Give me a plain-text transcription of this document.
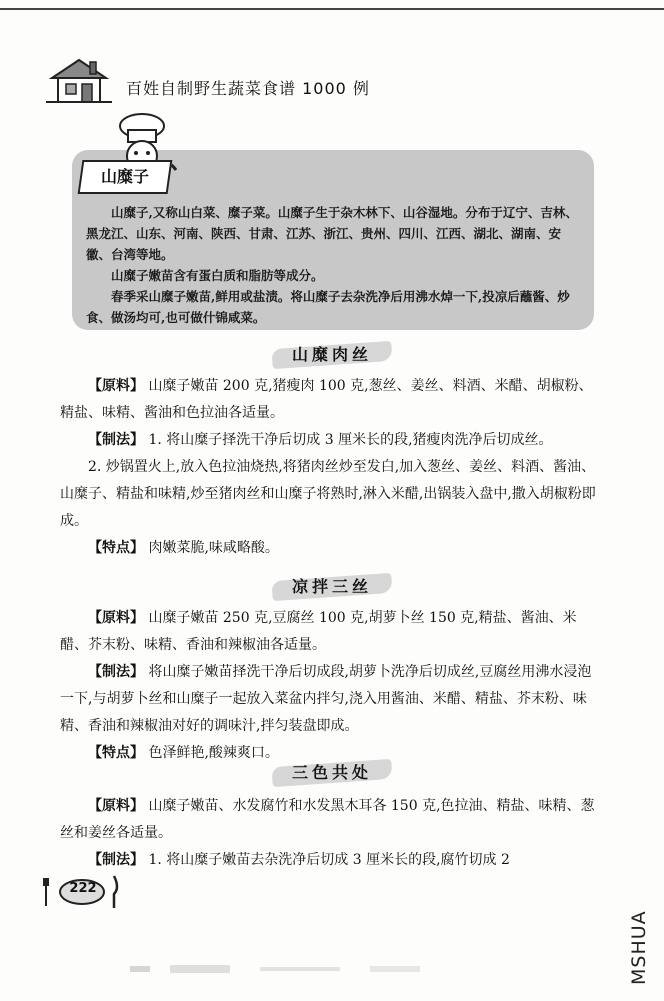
百姓自制野生蔬菜食谱 1000 例
山糜子

山糜子,又称山白菜、糜子菜。山糜子生于杂木林下、山谷湿地。分布于辽宁、吉林、黑龙江、山东、河南、陕西、甘肃、江苏、浙江、贵州、四川、江西、湖北、湖南、安徽、台湾等地。

山糜子嫩苗含有蛋白质和脂肪等成分。

春季采山糜子嫩苗,鲜用或盐渍。将山糜子去杂洗净后用沸水焯一下,投凉后蘸酱、炒食、做汤均可,也可做什锦咸菜。

山糜肉丝

【原料】 山糜子嫩苗 200 克,猪瘦肉 100 克,葱丝、姜丝、料酒、米醋、胡椒粉、精盐、味精、酱油和色拉油各适量。

【制法】 1. 将山糜子择洗干净后切成 3 厘米长的段,猪瘦肉洗净后切成丝。

2. 炒锅置火上,放入色拉油烧热,将猪肉丝炒至发白,加入葱丝、姜丝、料酒、酱油、山糜子、精盐和味精,炒至猪肉丝和山糜子将熟时,淋入米醋,出锅装入盘中,撒入胡椒粉即成。

【特点】 肉嫩菜脆,味咸略酸。

凉拌三丝

【原料】 山糜子嫩苗 250 克,豆腐丝 100 克,胡萝卜丝 150 克,精盐、酱油、米醋、芥末粉、味精、香油和辣椒油各适量。

【制法】 将山糜子嫩苗择洗干净后切成段,胡萝卜洗净后切成丝,豆腐丝用沸水浸泡一下,与胡萝卜丝和山糜子一起放入菜盆内拌匀,浇入用酱油、米醋、精盐、芥末粉、味精、香油和辣椒油对好的调味汁,拌匀装盘即成。

【特点】 色泽鲜艳,酸辣爽口。

三色共处

【原料】 山糜子嫩苗、水发腐竹和水发黑木耳各 150 克,色拉油、精盐、味精、葱丝和姜丝各适量。

【制法】 1. 将山糜子嫩苗去杂洗净后切成 3 厘米长的段,腐竹切成 2

222
MSHUA
